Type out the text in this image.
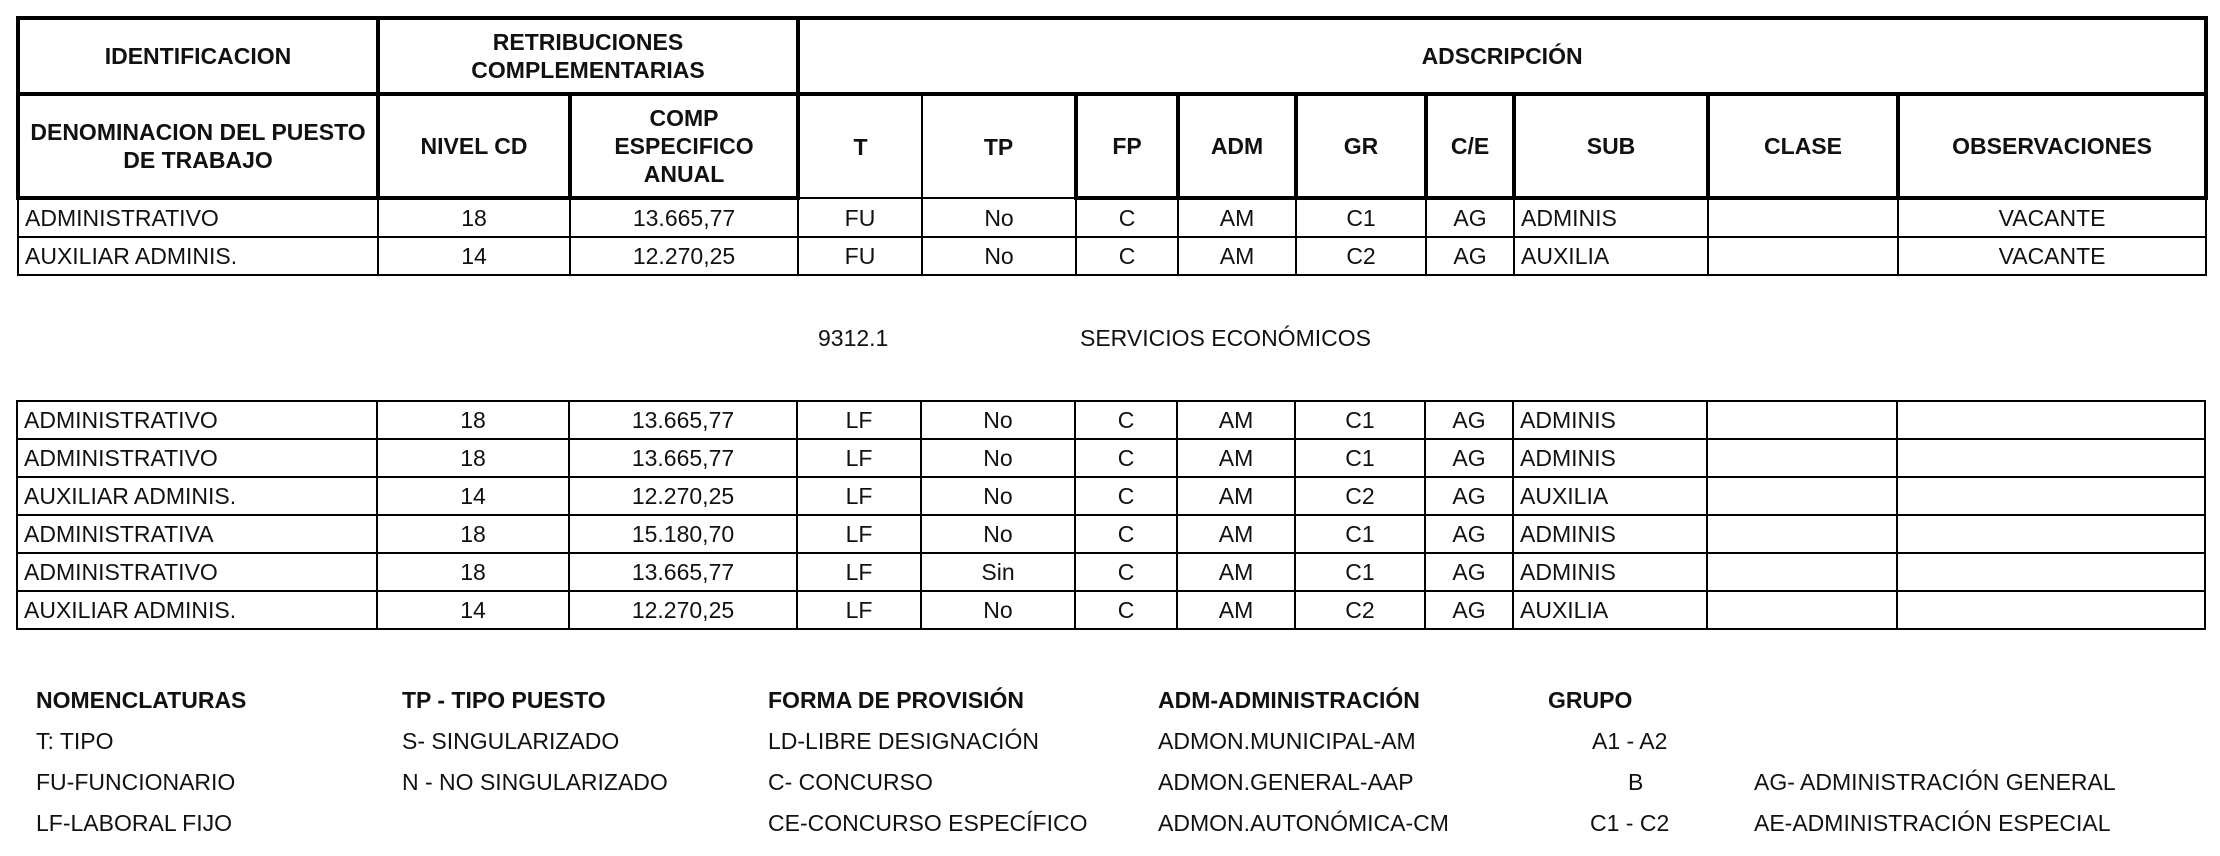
IDENTIFICACION	RETRIBUCIONES COMPLEMENTARIAS		ADSCRIPCIÓN								
DENOMINACION DEL PUESTO DE TRABAJO	NIVEL CD	COMP ESPECIFICO ANUAL	T	TP	FP	ADM	GR	C/E	SUB	CLASE	OBSERVACIONES
ADMINISTRATIVO	18	13.665,77	FU	No	C	AM	C1	AG	ADMINIS		VACANTE
AUXILIAR ADMINIS.	14	12.270,25	FU	No	C	AM	C2	AG	AUXILIA		VACANTE
9312.1	SERVICIOS ECONÓMICOS
ADMINISTRATIVO	18	13.665,77	LF	No	C	AM	C1	AG	ADMINIS		
ADMINISTRATIVO	18	13.665,77	LF	No	C	AM	C1	AG	ADMINIS		
AUXILIAR ADMINIS.	14	12.270,25	LF	No	C	AM	C2	AG	AUXILIA		
ADMINISTRATIVA	18	15.180,70	LF	No	C	AM	C1	AG	ADMINIS		
ADMINISTRATIVO	18	13.665,77	LF	Sin	C	AM	C1	AG	ADMINIS		
AUXILIAR ADMINIS.	14	12.270,25	LF	No	C	AM	C2	AG	AUXILIA		
NOMENCLATURAS
T: TIPO
FU-FUNCIONARIO
LF-LABORAL FIJO
TP - TIPO PUESTO
S- SINGULARIZADO
N - NO SINGULARIZADO
FORMA DE PROVISIÓN
LD-LIBRE DESIGNACIÓN
C- CONCURSO
CE-CONCURSO ESPECÍFICO
ADM-ADMINISTRACIÓN
ADMON.MUNICIPAL-AM
ADMON.GENERAL-AAP
ADMON.AUTONÓMICA-CM
GRUPO
A1 - A2
B
C1 - C2
AG- ADMINISTRACIÓN GENERAL
AE-ADMINISTRACIÓN ESPECIAL
